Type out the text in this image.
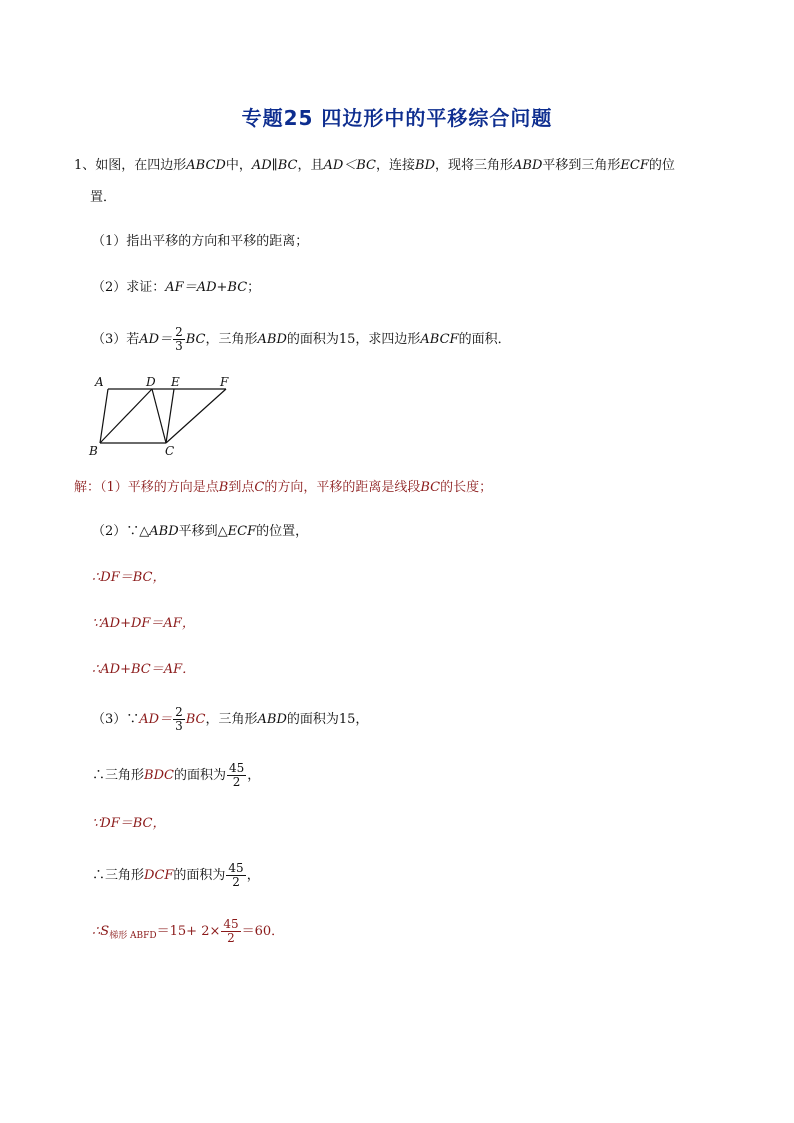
专题25 四边形中的平移综合问题
1、如图，在四边形ABCD中，AD∥BC，且AD＜BC，连接BD，现将三角形ABD平移到三角形ECF的位
置．
（1）指出平移的方向和平移的距离；
（2）求证：AF＝AD+BC；
（3）若$AD= \frac{2}{3}$ BC，三角形ABD的面积为15，求四边形ABCF的面积．
A	D E	F
B	C
解：（1）平移的方向是点B到点C的方向，平移的距离是线段BC的长度；
（2）∵△ABD平移到△ECF的位置，
∴DF＝BC，
∵AD+DF＝AF，
∴AD+BC＝AF．
（3）∵AD＝ $\frac{2}{3}$ BC，三角形ABD的面积为15，
∴三角形BDC的面积为 $\frac{45}{2}$ ，
∵DF＝BC，
∴三角形DCF的面积为 $\frac{45}{2}$ ，
$\therefore S_{梯形 ABFD}=15+ 2\times \frac{45}{2} =60$．
